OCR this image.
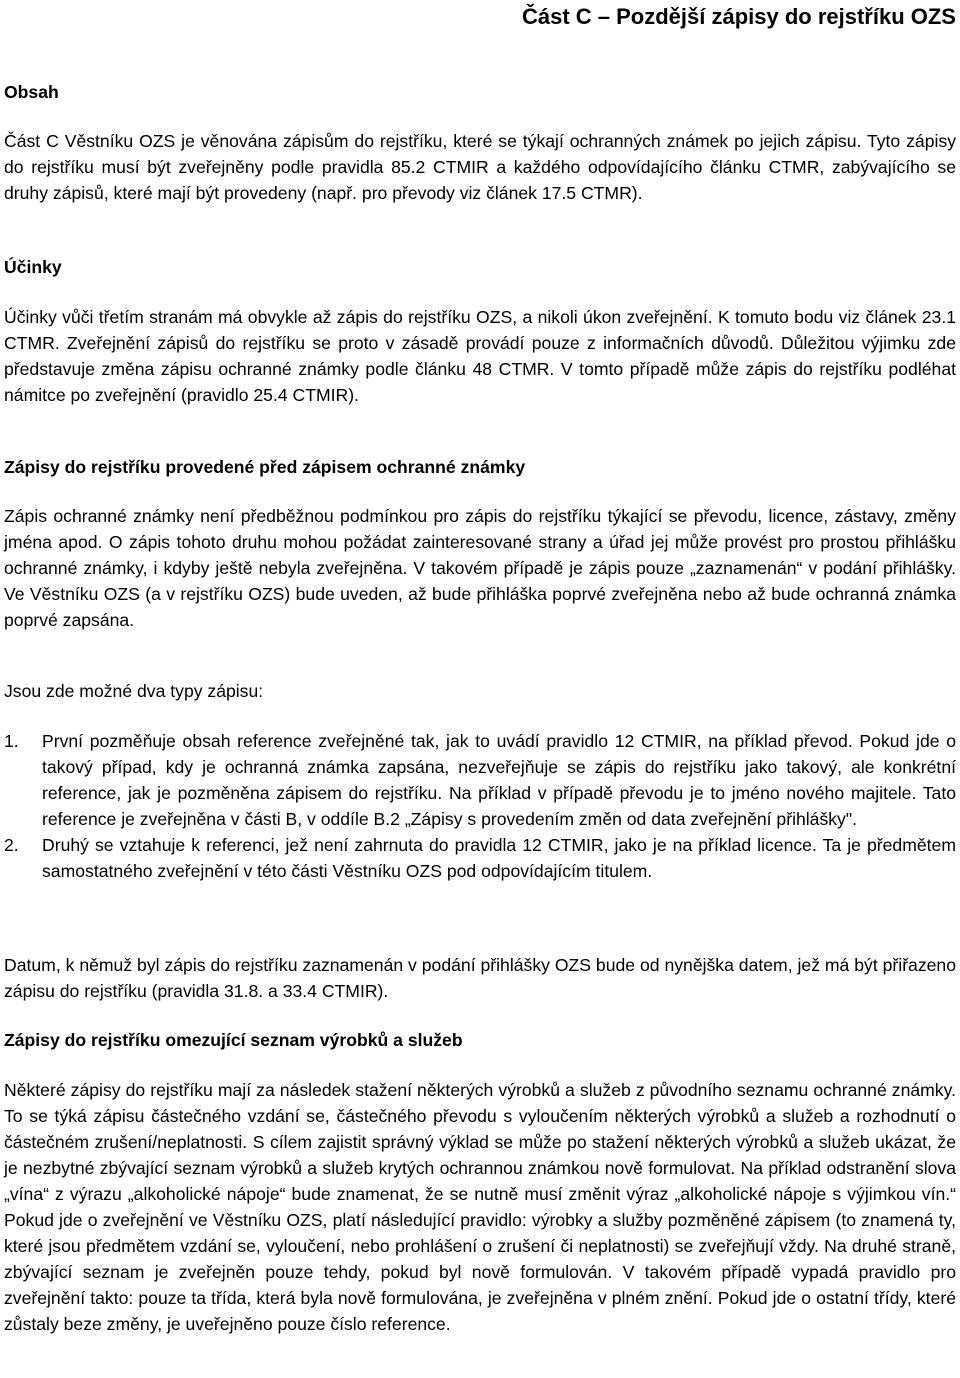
Část C – Pozdější zápisy do rejstříku OZS
Obsah
Část C Věstníku OZS je věnována zápisům do rejstříku, které se týkají ochranných známek po jejich zápisu. Tyto zápisy do rejstříku musí být zveřejněny podle pravidla 85.2 CTMIR a každého odpovídajícího článku CTMR, zabývajícího se druhy zápisů, které mají být provedeny (např. pro převody viz článek 17.5 CTMR).
Účinky
Účinky vůči třetím stranám má obvykle až zápis do rejstříku OZS, a nikoli úkon zveřejnění. K tomuto bodu viz článek 23.1 CTMR. Zveřejnění zápisů do rejstříku se proto v zásadě provádí pouze z informačních důvodů. Důležitou výjimku zde představuje změna zápisu ochranné známky podle článku 48 CTMR. V tomto případě může zápis do rejstříku podléhat námitce po zveřejnění (pravidlo 25.4 CTMIR).
Zápisy do rejstříku provedené před zápisem ochranné známky
Zápis ochranné známky není předběžnou podmínkou pro zápis do rejstříku týkající se převodu, licence, zástavy, změny jména apod. O zápis tohoto druhu mohou požádat zainteresované strany a úřad jej může provést pro prostou přihlášku ochranné známky, i kdyby ještě nebyla zveřejněna. V takovém případě je zápis pouze „zaznamenán“ v podání přihlášky. Ve Věstníku OZS (a v rejstříku OZS) bude uveden, až bude přihláška poprvé zveřejněna nebo až bude ochranná známka poprvé zapsána.
Jsou zde možné dva typy zápisu:
1. První pozměňuje obsah reference zveřejněné tak, jak to uvádí pravidlo 12 CTMIR, na příklad převod. Pokud jde o takový případ, kdy je ochranná známka zapsána, nezveřejňuje se zápis do rejstříku jako takový, ale konkrétní reference, jak je pozměněna zápisem do rejstříku. Na příklad v případě převodu je to jméno nového majitele. Tato reference je zveřejněna v části B, v oddíle B.2 „Zápisy s provedením změn od data zveřejnění přihlášky".
2. Druhý se vztahuje k referenci, jež není zahrnuta do pravidla 12 CTMIR, jako je na příklad licence. Ta je předmětem samostatného zveřejnění v této části Věstníku OZS pod odpovídajícím titulem.
Datum, k němuž byl zápis do rejstříku zaznamenán v podání přihlášky OZS bude od nynějška datem, jež má být přiřazeno zápisu do rejstříku (pravidla 31.8. a 33.4 CTMIR).
Zápisy do rejstříku omezující seznam výrobků a služeb
Některé zápisy do rejstříku mají za následek stažení některých výrobků a služeb z původního seznamu ochranné známky. To se týká zápisu částečného vzdání se, částečného převodu s vyloučením některých výrobků a služeb a rozhodnutí o částečném zrušení/neplatnosti. S cílem zajistit správný výklad se může po stažení některých výrobků a služeb ukázat, že je nezbytné zbývající seznam výrobků a služeb krytých ochrannou známkou nově formulovat. Na příklad odstranění slova „vína“ z výrazu „alkoholické nápoje“ bude znamenat, že se nutně musí změnit výraz „alkoholické nápoje s výjimkou vín.“ Pokud jde o zveřejnění ve Věstníku OZS, platí následující pravidlo: výrobky a služby pozměněné zápisem (to znamená ty, které jsou předmětem vzdání se, vyloučení, nebo prohlášení o zrušení či neplatnosti) se zveřejňují vždy. Na druhé straně, zbývající seznam je zveřejněn pouze tehdy, pokud byl nově formulován. V takovém případě vypadá pravidlo pro zveřejnění takto: pouze ta třída, která byla nově formulována, je zveřejněna v plném znění. Pokud jde o ostatní třídy, které zůstaly beze změny, je uveřejněno pouze číslo reference.
